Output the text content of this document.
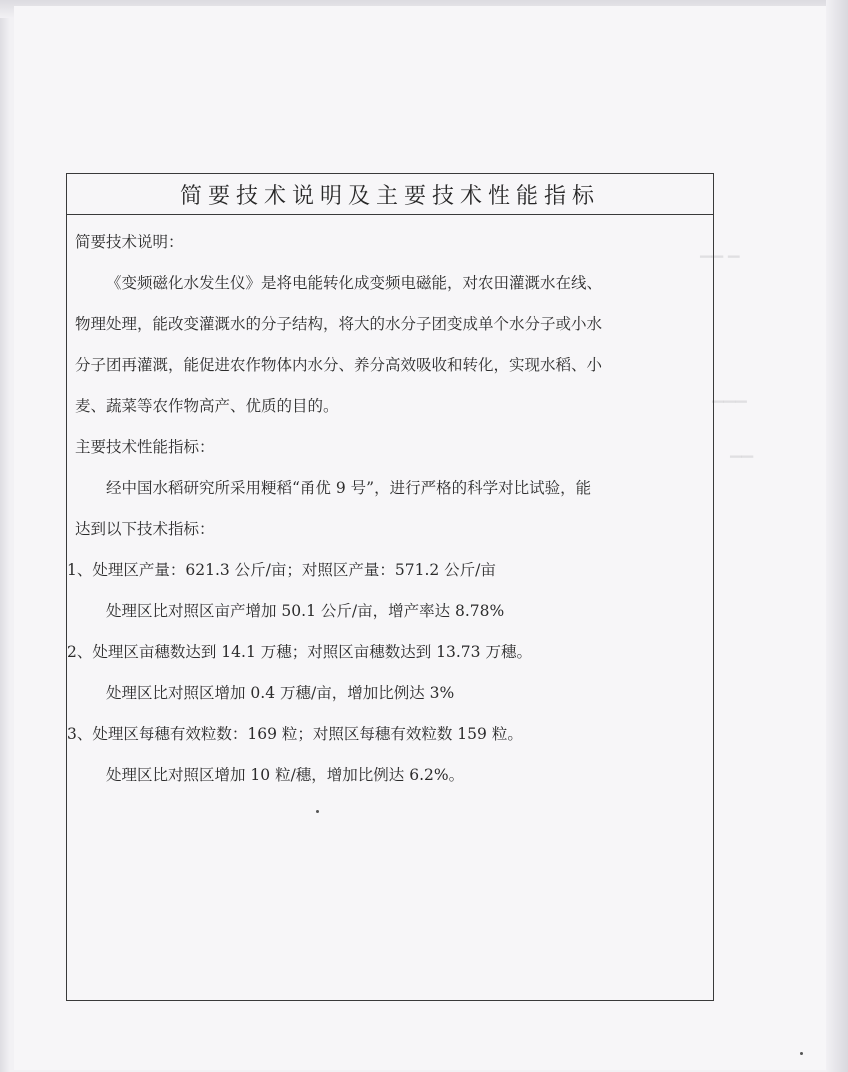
▁▁ ▁
▁▁▁
▁▁
简要技术说明及主要技术性能指标
简要技术说明：
《变频磁化水发生仪》是将电能转化成变频电磁能，对农田灌溉水在线、
物理处理，能改变灌溉水的分子结构，将大的水分子团变成单个水分子或小水
分子团再灌溉，能促进农作物体内水分、养分高效吸收和转化，实现水稻、小
麦、蔬菜等农作物高产、优质的目的。
主要技术性能指标：
经中国水稻研究所采用粳稻“甬优 9 号”，进行严格的科学对比试验，能
达到以下技术指标：
1、处理区产量：621.3 公斤/亩；对照区产量：571.2 公斤/亩
处理区比对照区亩产增加 50.1 公斤/亩，增产率达 8.78%
2、处理区亩穗数达到 14.1 万穗；对照区亩穗数达到 13.73 万穗。
处理区比对照区增加 0.4 万穗/亩，增加比例达 3%
3、处理区每穗有效粒数：169 粒；对照区每穗有效粒数 159 粒。
处理区比对照区增加 10 粒/穗，增加比例达 6.2%。
